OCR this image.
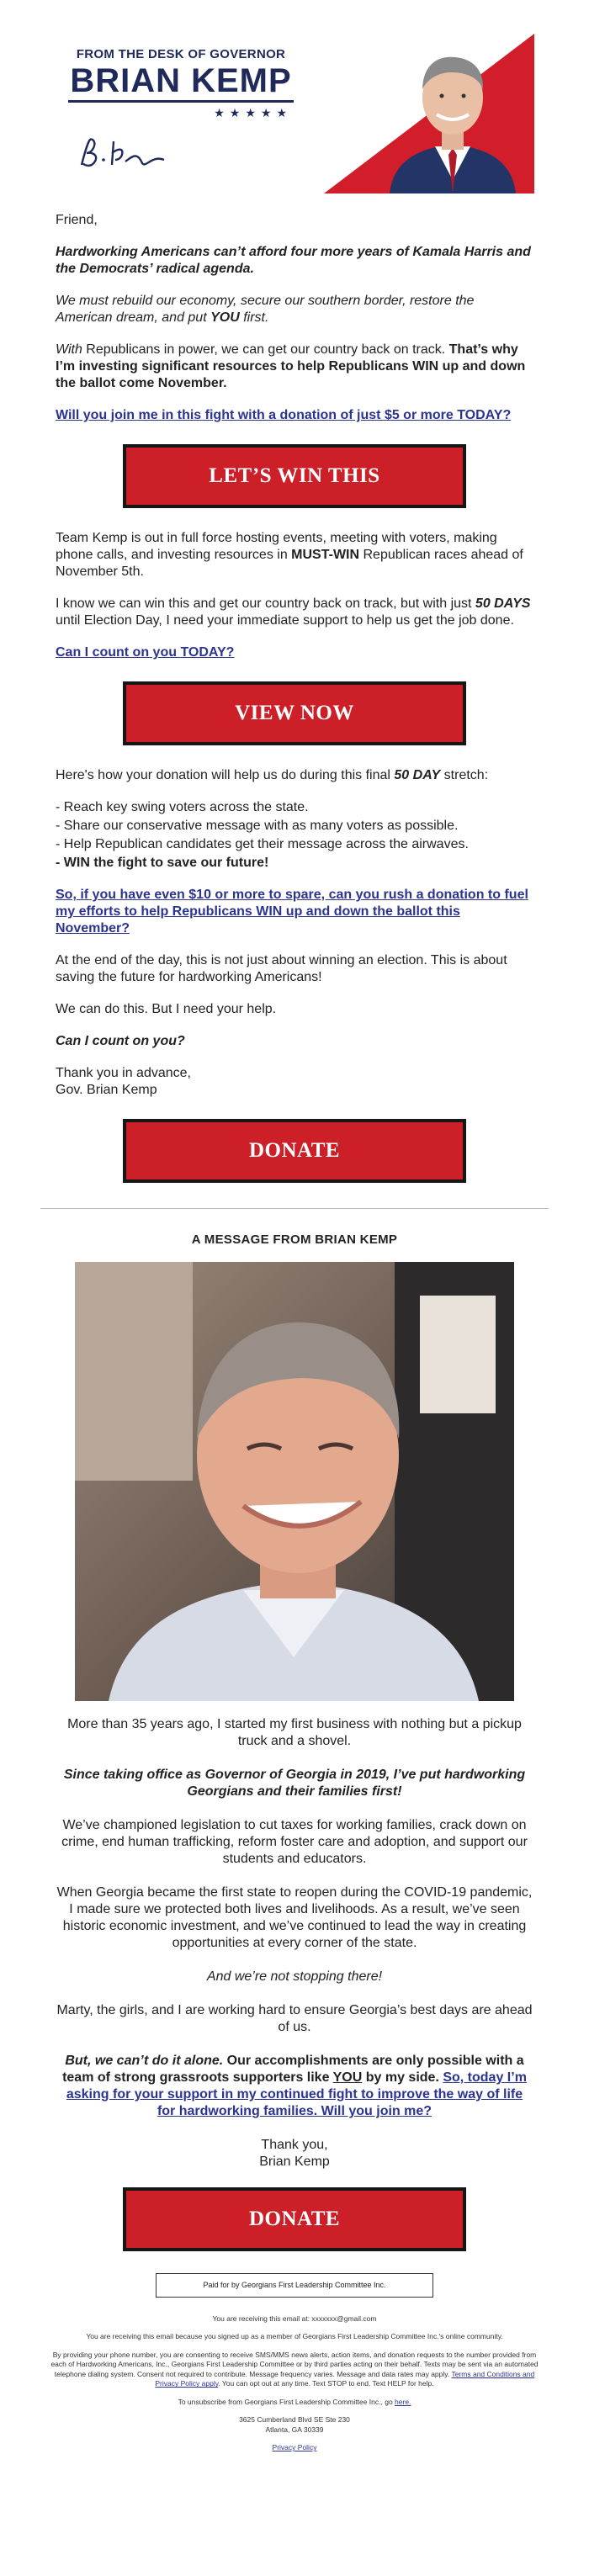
FROM THE DESK OF GOVERNOR
BRIAN KEMP
★★★★★

Friend,

Hardworking Americans can’t afford four more years of Kamala Harris and the Democrats’ radical agenda.

We must rebuild our economy, secure our southern border, restore the American dream, and put YOU first.

With Republicans in power, we can get our country back on track. That’s why I’m investing significant resources to help Republicans WIN up and down the ballot come November.

Will you join me in this fight with a donation of just $5 or more TODAY?

LET’S WIN THIS

Team Kemp is out in full force hosting events, meeting with voters, making phone calls, and investing resources in MUST-WIN Republican races ahead of November 5th.

I know we can win this and get our country back on track, but with just 50 DAYS until Election Day, I need your immediate support to help us get the job done.

Can I count on you TODAY?

VIEW NOW

Here's how your donation will help us do during this final 50 DAY stretch:

- Reach key swing voters across the state.
- Share our conservative message with as many voters as possible.
- Help Republican candidates get their message across the airwaves.
- WIN the fight to save our future!

So, if you have even $10 or more to spare, can you rush a donation to fuel my efforts to help Republicans WIN up and down the ballot this November?

At the end of the day, this is not just about winning an election. This is about saving the future for hardworking Americans!

We can do this. But I need your help.

Can I count on you?

Thank you in advance,
Gov. Brian Kemp

DONATE
A MESSAGE FROM BRIAN KEMP

More than 35 years ago, I started my first business with nothing but a pickup truck and a shovel.

Since taking office as Governor of Georgia in 2019, I’ve put hardworking Georgians and their families first!

We’ve championed legislation to cut taxes for working families, crack down on crime, end human trafficking, reform foster care and adoption, and support our students and educators.

When Georgia became the first state to reopen during the COVID-19 pandemic, I made sure we protected both lives and livelihoods. As a result, we’ve seen historic economic investment, and we’ve continued to lead the way in creating opportunities at every corner of the state.

And we’re not stopping there!

Marty, the girls, and I are working hard to ensure Georgia’s best days are ahead of us.

But, we can’t do it alone. Our accomplishments are only possible with a team of strong grassroots supporters like YOU by my side. So, today I’m asking for your support in my continued fight to improve the way of life for hardworking families. Will you join me?

Thank you,
Brian Kemp

DONATE
Paid for by Georgians First Leadership Committee Inc.

You are receiving this email at: xxxxxxx@gmail.com

You are receiving this email because you signed up as a member of Georgians First Leadership Committee Inc.'s online community.

By providing your phone number, you are consenting to receive SMS/MMS news alerts, action items, and donation requests to the number provided from each of Hardworking Americans, Inc., Georgians First Leadership Committee or by third parties acting on their behalf. Texts may be sent via an automated telephone dialing system. Consent not required to contribute. Message frequency varies. Message and data rates may apply. Terms and Conditions and Privacy Policy apply. You can opt out at any time. Text STOP to end. Text HELP for help.

To unsubscribe from Georgians First Leadership Committee Inc., go here.

3625 Cumberland Blvd SE Ste 230
Atlanta, GA 30339

Privacy Policy
